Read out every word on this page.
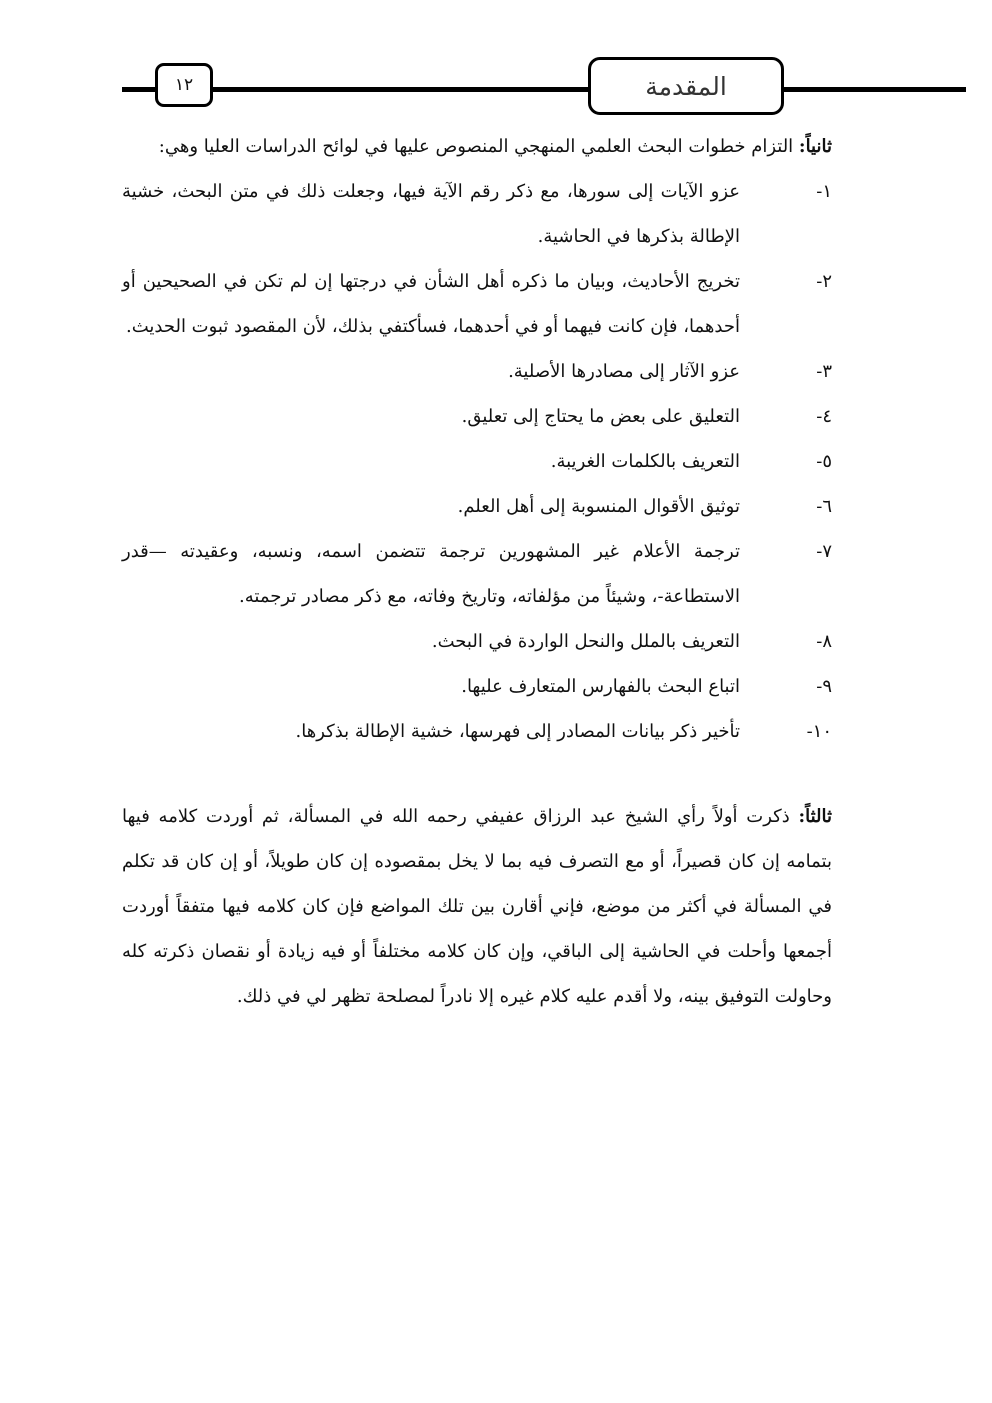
١٢	المقدمة

ثانياً: التزام خطوات البحث العلمي المنهجي المنصوص عليها في لوائح الدراسات العليا وهي:

١-
عزو الآيات إلى سورها، مع ذكر رقم الآية فيها، وجعلت ذلك في متن البحث، خشية الإطالة بذكرها في الحاشية.
٢-
تخريج الأحاديث، وبيان ما ذكره أهل الشأن في درجتها إن لم تكن في الصحيحين أو أحدهما، فإن كانت فيهما أو في أحدهما، فسأكتفي بذلك، لأن المقصود ثبوت الحديث.
٣-
عزو الآثار إلى مصادرها الأصلية.
٤-
التعليق على بعض ما يحتاج إلى تعليق.
٥-
التعريف بالكلمات الغريبة.
٦-
توثيق الأقوال المنسوبة إلى أهل العلم.
٧-
ترجمة الأعلام غير المشهورين ترجمة تتضمن اسمه، ونسبه، وعقيدته —قدر الاستطاعة-، وشيئاً من مؤلفاته، وتاريخ وفاته، مع ذكر مصادر ترجمته.
٨-
التعريف بالملل والنحل الواردة في البحث.
٩-
اتباع البحث بالفهارس المتعارف عليها.
١٠-
تأخير ذكر بيانات المصادر إلى فهرسها، خشية الإطالة بذكرها.

ثالثاً: ذكرت أولاً رأي الشيخ عبد الرزاق عفيفي رحمه الله في المسألة، ثم أوردت كلامه فيها بتمامه إن كان قصيراً، أو مع التصرف فيه بما لا يخل بمقصوده إن كان طويلاً، أو إن كان قد تكلم في المسألة في أكثر من موضع، فإني أقارن بين تلك المواضع فإن كان كلامه فيها متفقاً أوردت أجمعها وأحلت في الحاشية إلى الباقي، وإن كان كلامه مختلفاً أو فيه زيادة أو نقصان ذكرته كله وحاولت التوفيق بينه، ولا أقدم عليه كلام غيره إلا نادراً لمصلحة تظهر لي في ذلك.
